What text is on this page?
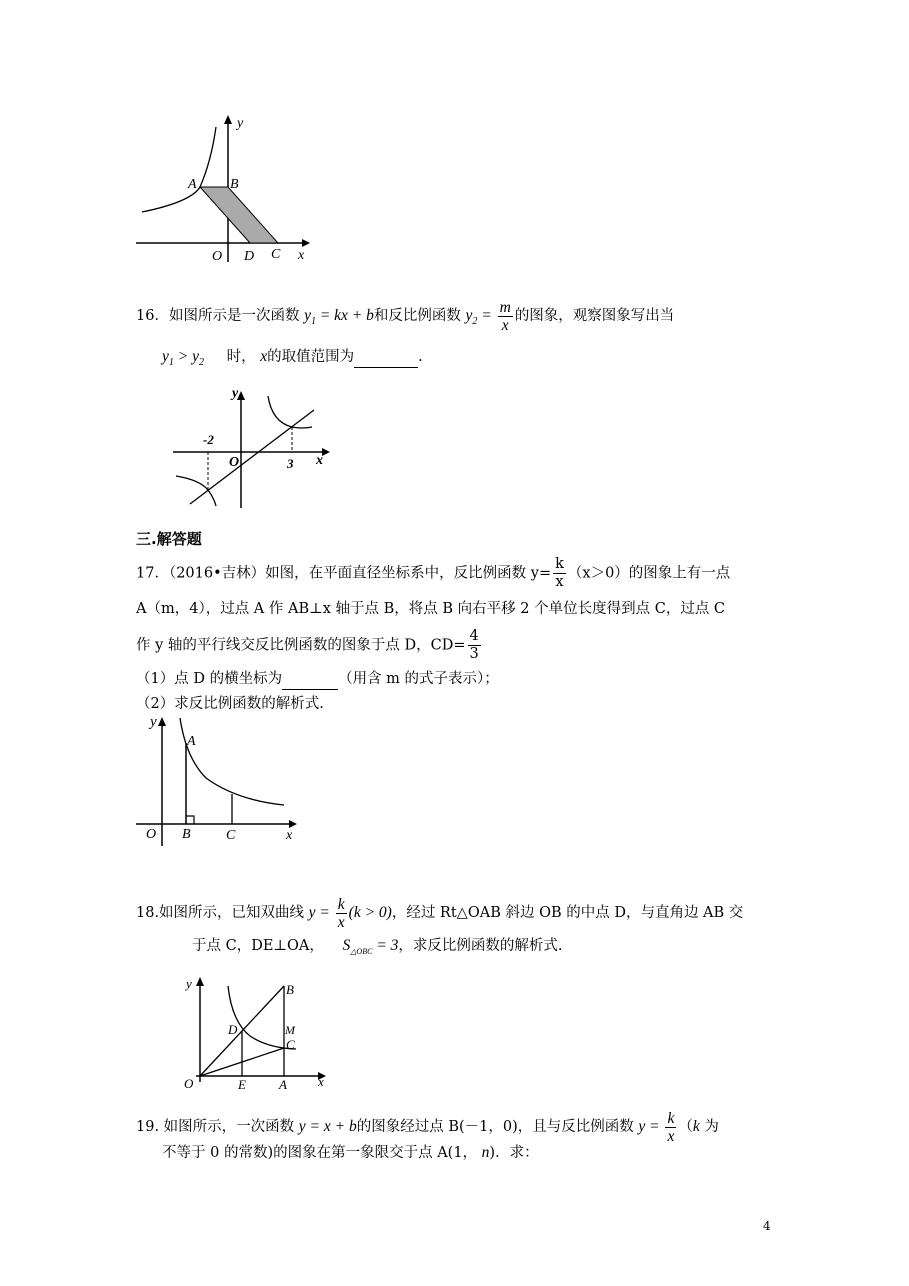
y
A B
O D C x
16．如图所示是一次函数 $y_1$ = kx + b和反比例函数 $y_2 = \frac{m}{x}$ 的图象，观察图象写出当
$y_1 > y_2$ 时， x的取值范围为	.
y
-2
O	3 x
三.解答题
17．（2016•吉林）如图，在平面直径坐标系中，反比例函数 $y= \frac{k}{x} (x>0)$的图象上有一点
A（m，4），过点 A 作 AB⊥x 轴于点 B，将点 B 向右平移 2 个单位长度得到点 C，过点 C
作 y 轴的平行线交反比例函数的图象于点 D，$CD= \frac{4}{3}$
（1）点 D 的横坐标为	（用含 m 的式子表示）；
（2）求反比例函数的解析式.
y
A
O B	C	x
18.如图所示，已知双曲线 $y = \frac{k}{x} (k > 0)$，经过 Rt△OAB 斜边 OB 的中点 D，与直角边 AB 交
于点 C，DE⊥OA， $S_{\triangle OBC} = 3$，求反比例函数的解析式.
y	B
D	M
C
O	E	A x
19. 如图所示，一次函数 y = x + b的图象经过点 B(－1，0)，且与反比例函数 $y = \frac{k}{x} (k$ 为
不等于 0 的常数)的图象在第一象限交于点 A(1， n)．求：
4
